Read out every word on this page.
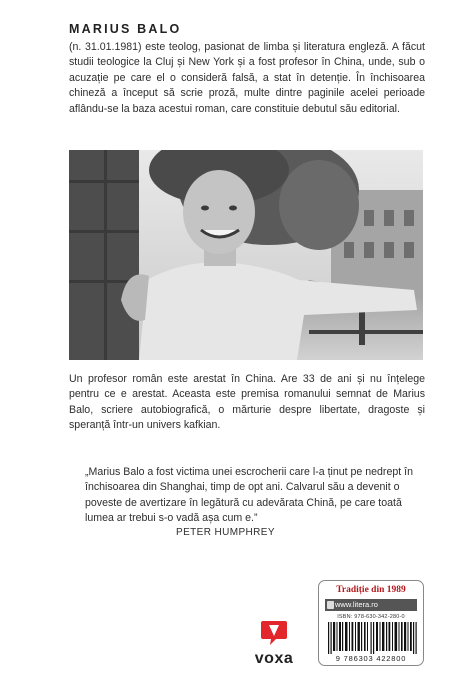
MARIUS BALO

(n. 31.01.1981) este teolog, pasionat de limba și literatura engleză. A făcut studii teologice la Cluj și New York și a fost profesor în China, unde, sub o acuzație pe care el o consideră falsă, a stat în detenție. În închisoarea chineză a început să scrie proză, multe dintre paginile acelei perioade aflându-se la baza acestui roman, care constituie debutul său editorial.

Un profesor român este arestat în China. Are 33 de ani și nu înțelege pentru ce e arestat. Aceasta este premisa romanului semnat de Marius Balo, scriere autobiografică, o mărturie despre libertate, dragoste și speranță într-un univers kafkian.

„Marius Balo a fost victima unei escrocherii care l-a ținut pe nedrept în închisoarea din Shanghai, timp de opt ani. Calvarul său a devenit o poveste de avertizare în legătură cu adevărata Chină, pe care toată lumea ar trebui s-o vadă așa cum e.”

PETER HUMPHREY
voxa
Tradiție din 1989
www.litera.ro
ISBN: 978-630-342-280-0
9 786303 422800
